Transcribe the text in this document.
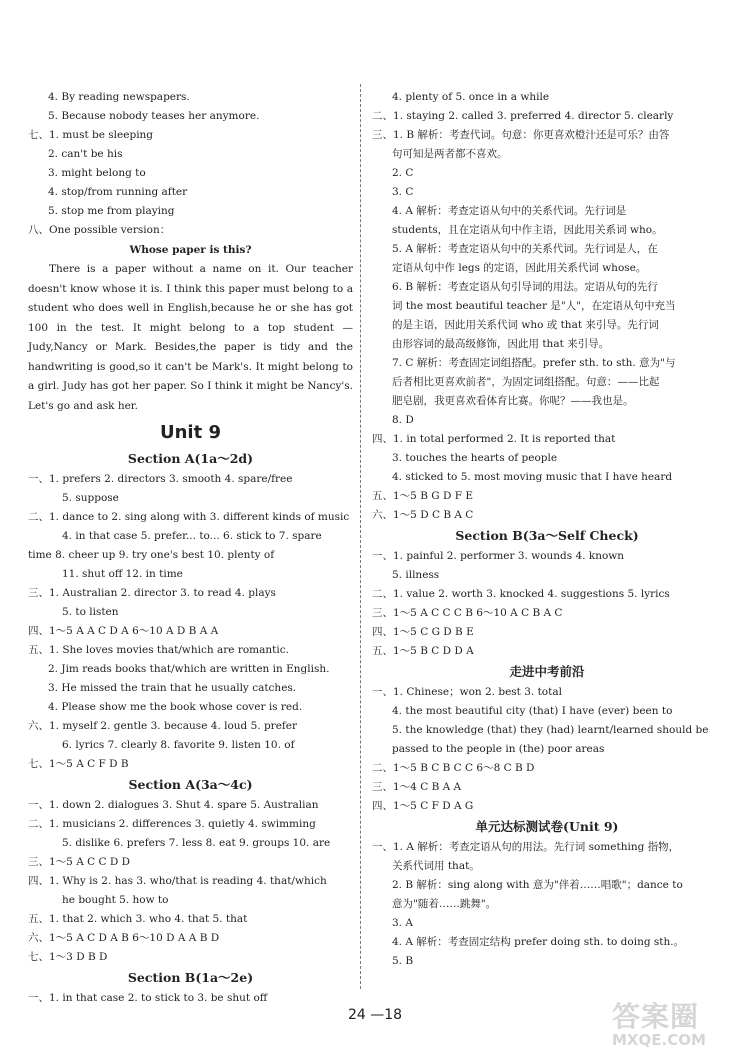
4. By reading newspapers.
5. Because nobody teases her anymore.
七、1. must be sleeping
2. can't be his
3. might belong to
4. stop/from running after
5. stop me from playing
八、One possible version：
Whose paper is this?
There is a paper without a name on it. Our teacher doesn't know whose it is. I think this paper must belong to a student who does well in English,because he or she has got 100 in the test. It might belong to a top student —Judy,Nancy or Mark. Besides,the paper is tidy and the handwriting is good,so it can't be Mark's. It might belong to a girl. Judy has got her paper. So I think it might be Nancy's. Let's go and ask her.
Unit 9
Section A(1a～2d)
一、1. prefers 2. directors 3. smooth 4. spare/free
5. suppose
二、1. dance to 2. sing along with 3. different kinds of music
4. in that case 5. prefer... to... 6. stick to 7. spare
time 8. cheer up 9. try one's best 10. plenty of
11. shut off 12. in time
三、1. Australian 2. director 3. to read 4. plays
5. to listen
四、1～5 A A C D A 6～10 A D B A A
五、1. She loves movies that/which are romantic.
2. Jim reads books that/which are written in English.
3. He missed the train that he usually catches.
4. Please show me the book whose cover is red.
六、1. myself 2. gentle 3. because 4. loud 5. prefer
6. lyrics 7. clearly 8. favorite 9. listen 10. of
七、1～5 A C F D B
Section A(3a～4c)
一、1. down 2. dialogues 3. Shut 4. spare 5. Australian
二、1. musicians 2. differences 3. quietly 4. swimming
5. dislike 6. prefers 7. less 8. eat 9. groups 10. are
三、1～5 A C C D D
四、1. Why is 2. has 3. who/that is reading 4. that/which
he bought 5. how to
五、1. that 2. which 3. who 4. that 5. that
六、1～5 A C D A B 6～10 D A A B D
七、1～3 D B D
Section B(1a～2e)
一、1. in that case 2. to stick to 3. be shut off
4. plenty of 5. once in a while
二、1. staying 2. called 3. preferred 4. director 5. clearly
三、1. B 解析：考查代词。句意：你更喜欢橙汁还是可乐？由答
句可知是两者都不喜欢。
2. C
3. C
4. A 解析：考查定语从句中的关系代词。先行词是
students，且在定语从句中作主语，因此用关系词 who。
5. A 解析：考查定语从句中的关系代词。先行词是人，在
定语从句中作 legs 的定语，因此用关系代词 whose。
6. B 解析：考查定语从句引导词的用法。定语从句的先行
词 the most beautiful teacher 是"人"，在定语从句中充当
的是主语，因此用关系代词 who 或 that 来引导。先行词
由形容词的最高级修饰，因此用 that 来引导。
7. C 解析：考查固定词组搭配。prefer sth. to sth. 意为"与
后者相比更喜欢前者"，为固定词组搭配。句意：——比起
肥皂剧，我更喜欢看体育比赛。你呢？——我也是。
8. D
四、1. in total performed 2. It is reported that
3. touches the hearts of people
4. sticked to 5. most moving music that I have heard
五、1～5 B G D F E
六、1～5 D C B A C
Section B(3a～Self Check)
一、1. painful 2. performer 3. wounds 4. known
5. illness
二、1. value 2. worth 3. knocked 4. suggestions 5. lyrics
三、1～5 A C C C B 6～10 A C B A C
四、1～5 C G D B E
五、1～5 B C D D A
走进中考前沿
一、1. Chinese；won 2. best 3. total
4. the most beautiful city (that) I have (ever) been to
5. the knowledge (that) they (had) learnt/learned should be
passed to the people in (the) poor areas
二、1～5 B C B C C 6～8 C B D
三、1～4 C B A A
四、1～5 C F D A G
单元达标测试卷(Unit 9)
一、1. A 解析：考查定语从句的用法。先行词 something 指物，
关系代词用 that。
2. B 解析：sing along with 意为"伴着……唱歌"；dance to
意为"随着……跳舞"。
3. A
4. A 解析：考查固定结构 prefer doing sth. to doing sth.。
5. B
24 —18	答案圈
MXQE.COM
